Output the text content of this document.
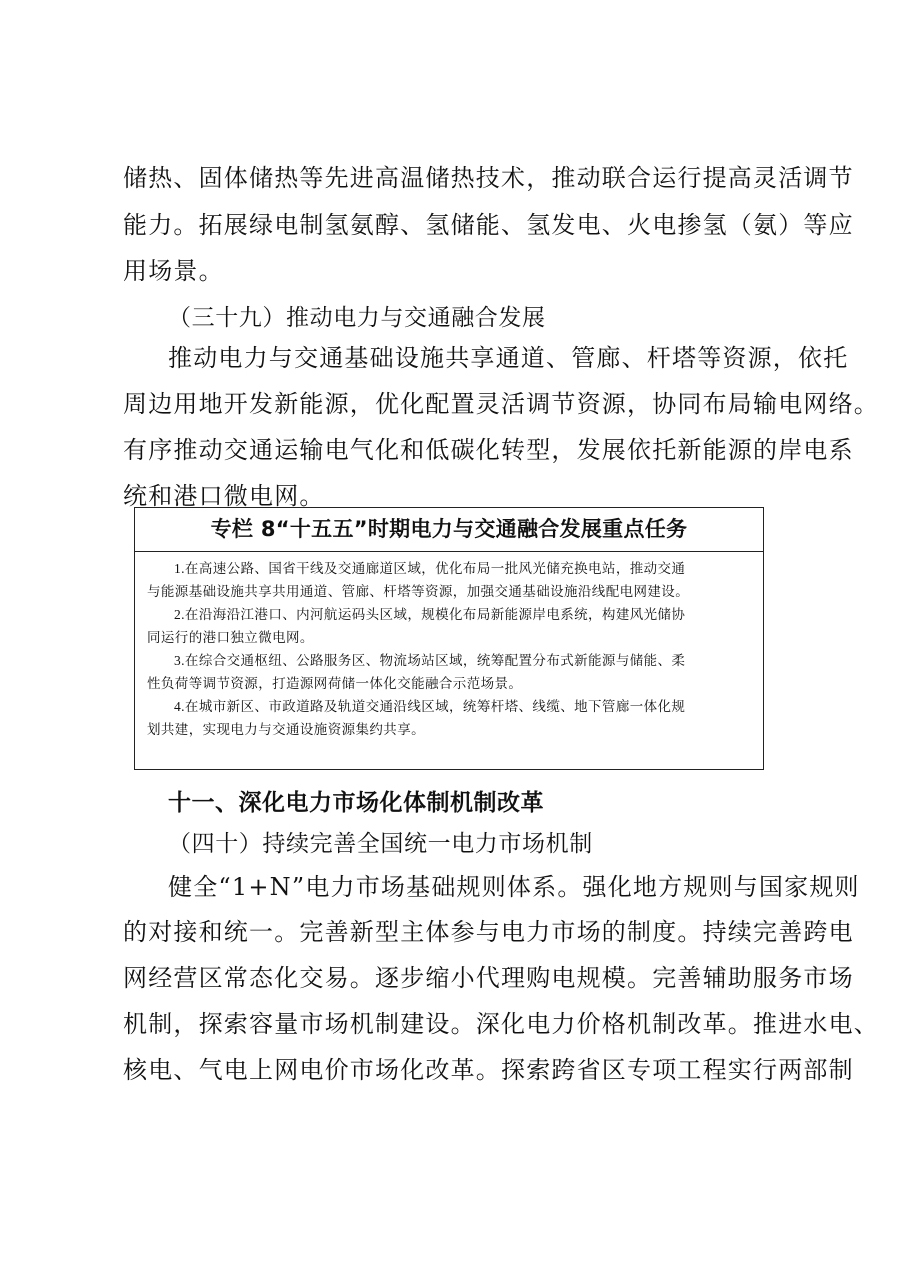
储热、固体储热等先进高温储热技术，推动联合运行提高灵活调节
能力。拓展绿电制氢氨醇、氢储能、氢发电、火电掺氢（氨）等应
用场景。
（三十九）推动电力与交通融合发展
推动电力与交通基础设施共享通道、管廊、杆塔等资源，依托
周边用地开发新能源，优化配置灵活调节资源，协同布局输电网络。
有序推动交通运输电气化和低碳化转型，发展依托新能源的岸电系
统和港口微电网。
专栏 8“十五五”时期电力与交通融合发展重点任务
1.在高速公路、国省干线及交通廊道区域，优化布局一批风光储充换电站，推动交通
与能源基础设施共享共用通道、管廊、杆塔等资源，加强交通基础设施沿线配电网建设。
2.在沿海沿江港口、内河航运码头区域，规模化布局新能源岸电系统，构建风光储协
同运行的港口独立微电网。
3.在综合交通枢纽、公路服务区、物流场站区域，统筹配置分布式新能源与储能、柔
性负荷等调节资源，打造源网荷储一体化交能融合示范场景。
4.在城市新区、市政道路及轨道交通沿线区域，统筹杆塔、线缆、地下管廊一体化规
划共建，实现电力与交通设施资源集约共享。
十一、深化电力市场化体制机制改革
（四十）持续完善全国统一电力市场机制
健全“1+N”电力市场基础规则体系。强化地方规则与国家规则
的对接和统一。完善新型主体参与电力市场的制度。持续完善跨电
网经营区常态化交易。逐步缩小代理购电规模。完善辅助服务市场
机制，探索容量市场机制建设。深化电力价格机制改革。推进水电、
核电、气电上网电价市场化改革。探索跨省区专项工程实行两部制
